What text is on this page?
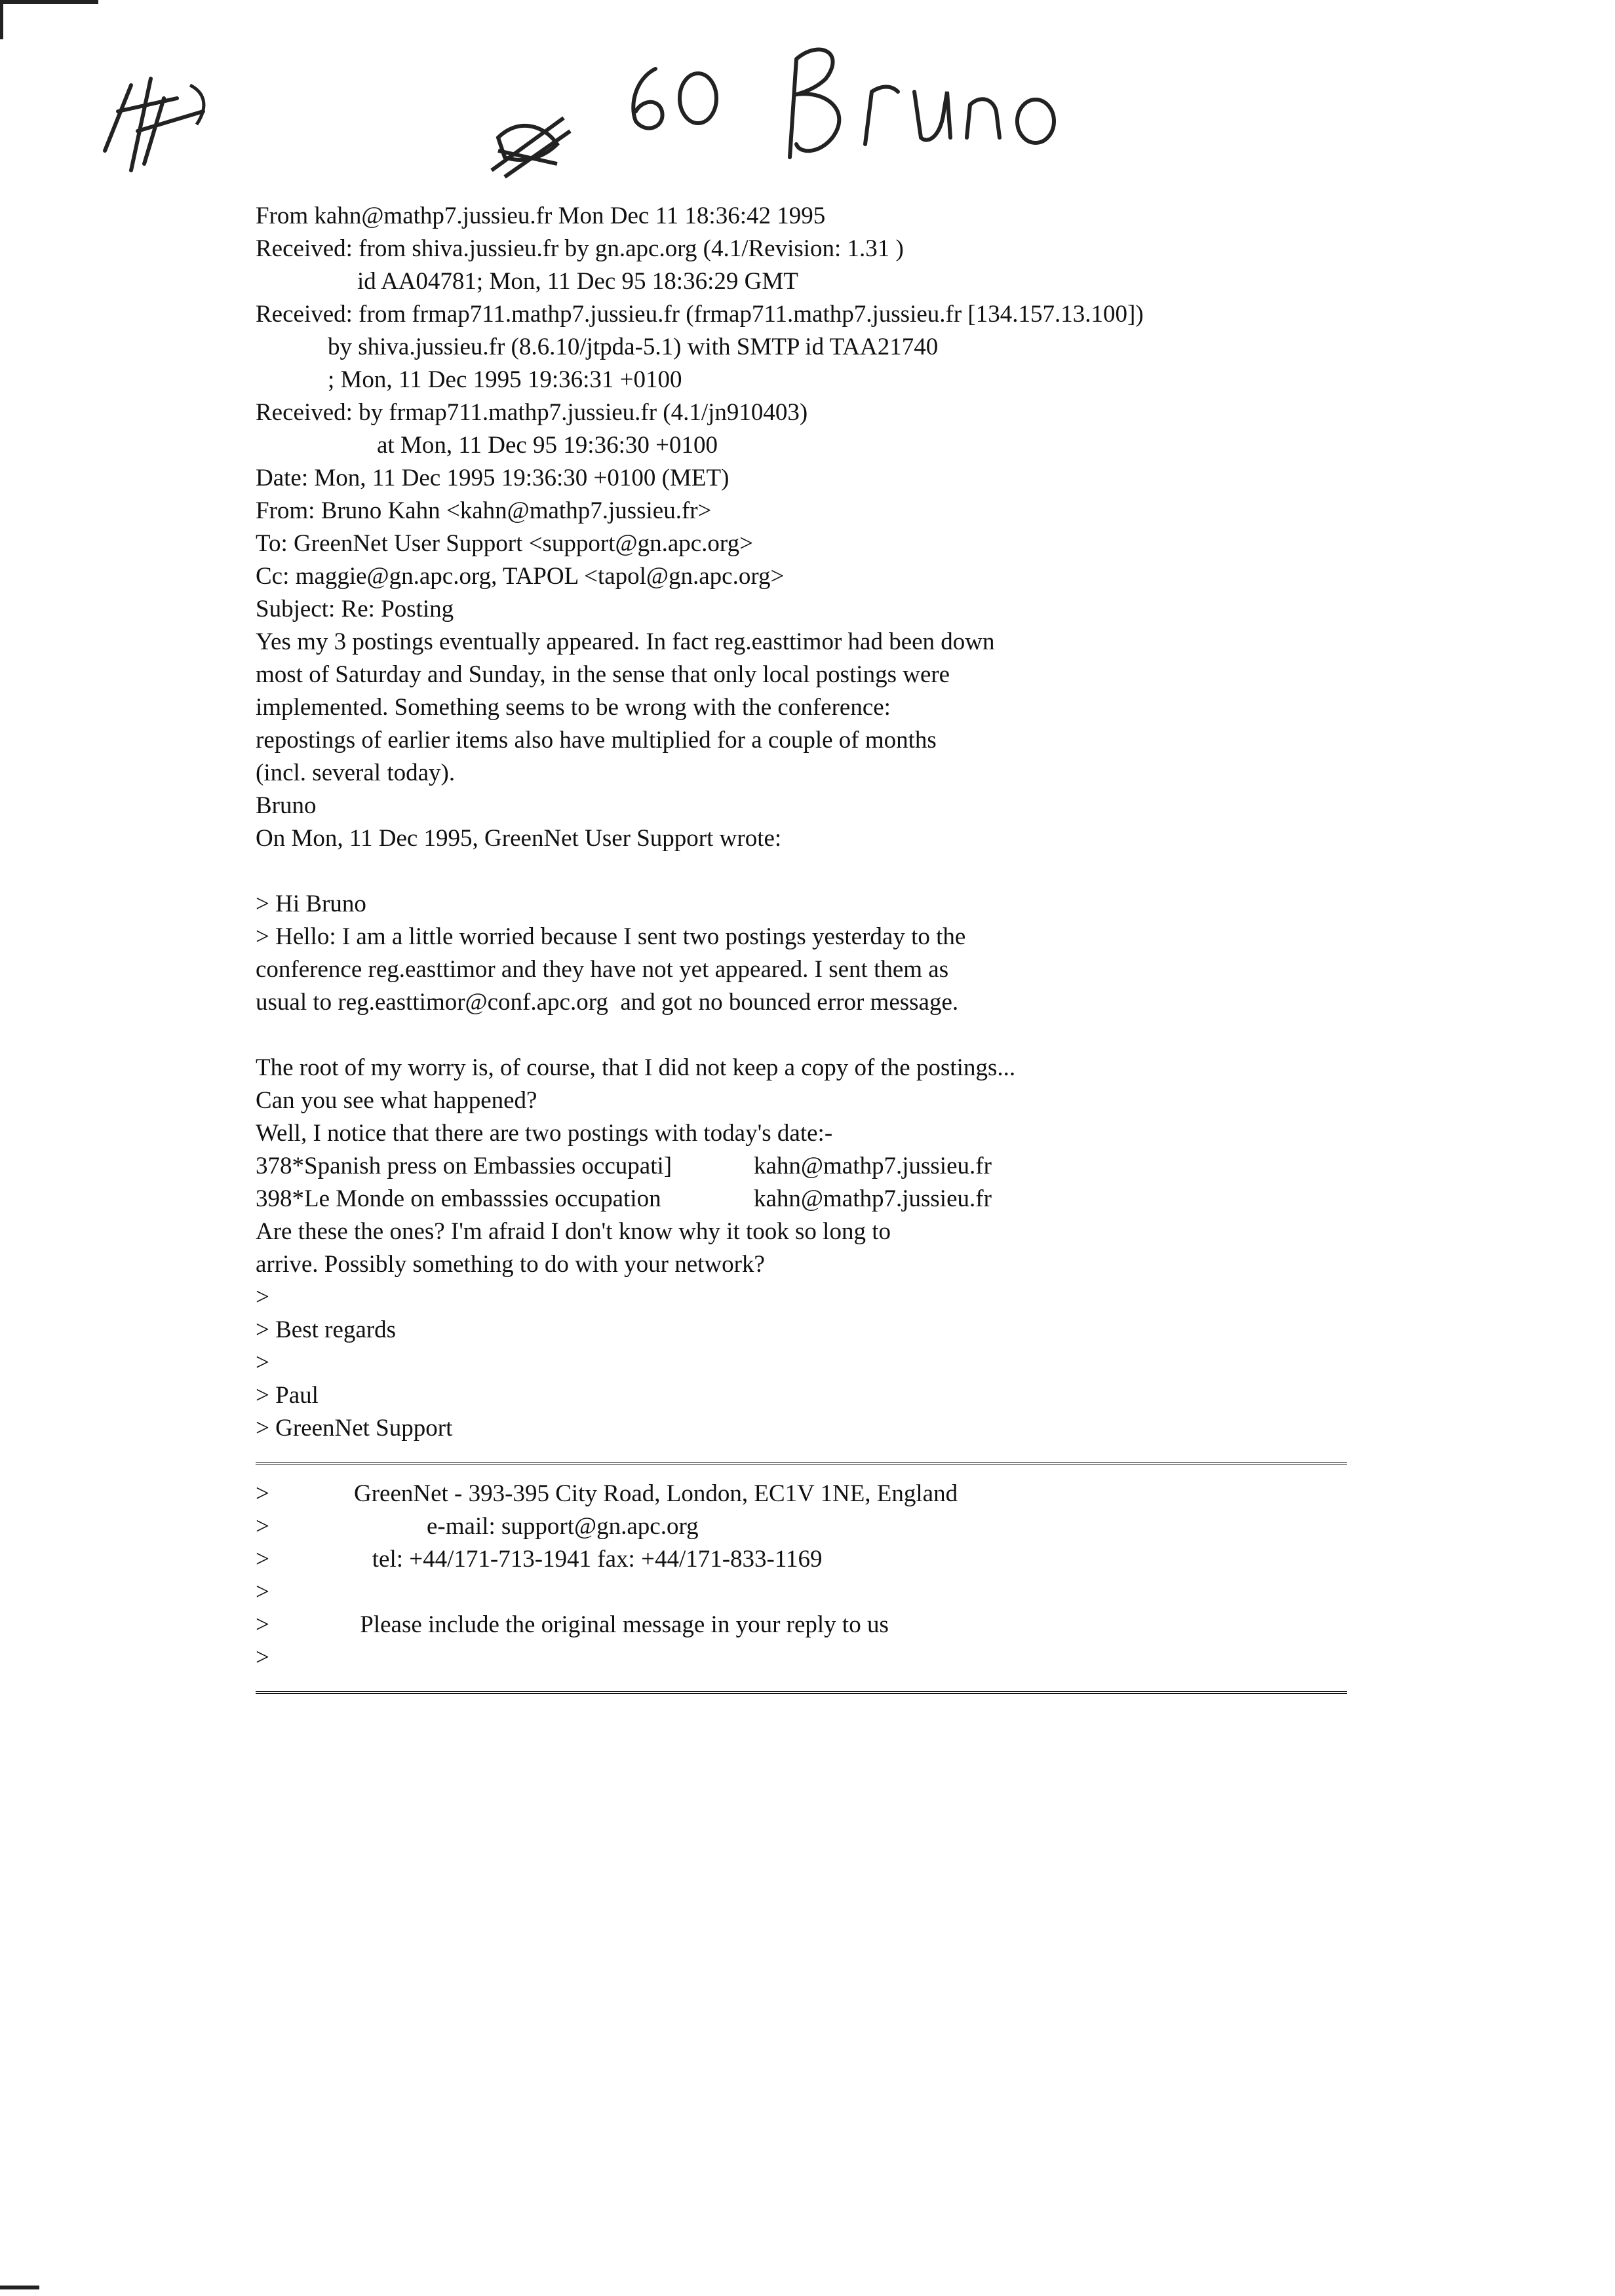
From kahn@mathp7.jussieu.fr Mon Dec 11 18:36:42 1995
Received: from shiva.jussieu.fr by gn.apc.org (4.1/Revision: 1.31 )
id AA04781; Mon, 11 Dec 95 18:36:29 GMT
Received: from frmap711.mathp7.jussieu.fr (frmap711.mathp7.jussieu.fr [134.157.13.100])
by shiva.jussieu.fr (8.6.10/jtpda-5.1) with SMTP id TAA21740
; Mon, 11 Dec 1995 19:36:31 +0100
Received: by frmap711.mathp7.jussieu.fr (4.1/jn910403)
at Mon, 11 Dec 95 19:36:30 +0100
Date: Mon, 11 Dec 1995 19:36:30 +0100 (MET)
From: Bruno Kahn <kahn@mathp7.jussieu.fr>
To: GreenNet User Support <support@gn.apc.org>
Cc: maggie@gn.apc.org, TAPOL <tapol@gn.apc.org>
Subject: Re: Posting
Yes my 3 postings eventually appeared. In fact reg.easttimor had been down
most of Saturday and Sunday, in the sense that only local postings were
implemented. Something seems to be wrong with the conference:
repostings of earlier items also have multiplied for a couple of months
(incl. several today).
Bruno
On Mon, 11 Dec 1995, GreenNet User Support wrote:
> Hi Bruno
> Hello: I am a little worried because I sent two postings yesterday to the
conference reg.easttimor and they have not yet appeared. I sent them as
usual to reg.easttimor@conf.apc.org  and got no bounced error message.
The root of my worry is, of course, that I did not keep a copy of the postings...
Can you see what happened?
Well, I notice that there are two postings with today's date:-
378*Spanish press on Embassies occupati]	kahn@mathp7.jussieu.fr
398*Le Monde on embasssies occupation	kahn@mathp7.jussieu.fr
Are these the ones? I'm afraid I don't know why it took so long to
arrive. Possibly something to do with your network?
>
> Best regards
>
> Paul
> GreenNet Support
>	GreenNet - 393-395 City Road, London, EC1V 1NE, England
>	e-mail: support@gn.apc.org
>	tel: +44/171-713-1941 fax: +44/171-833-1169
>
>	Please include the original message in your reply to us
>
